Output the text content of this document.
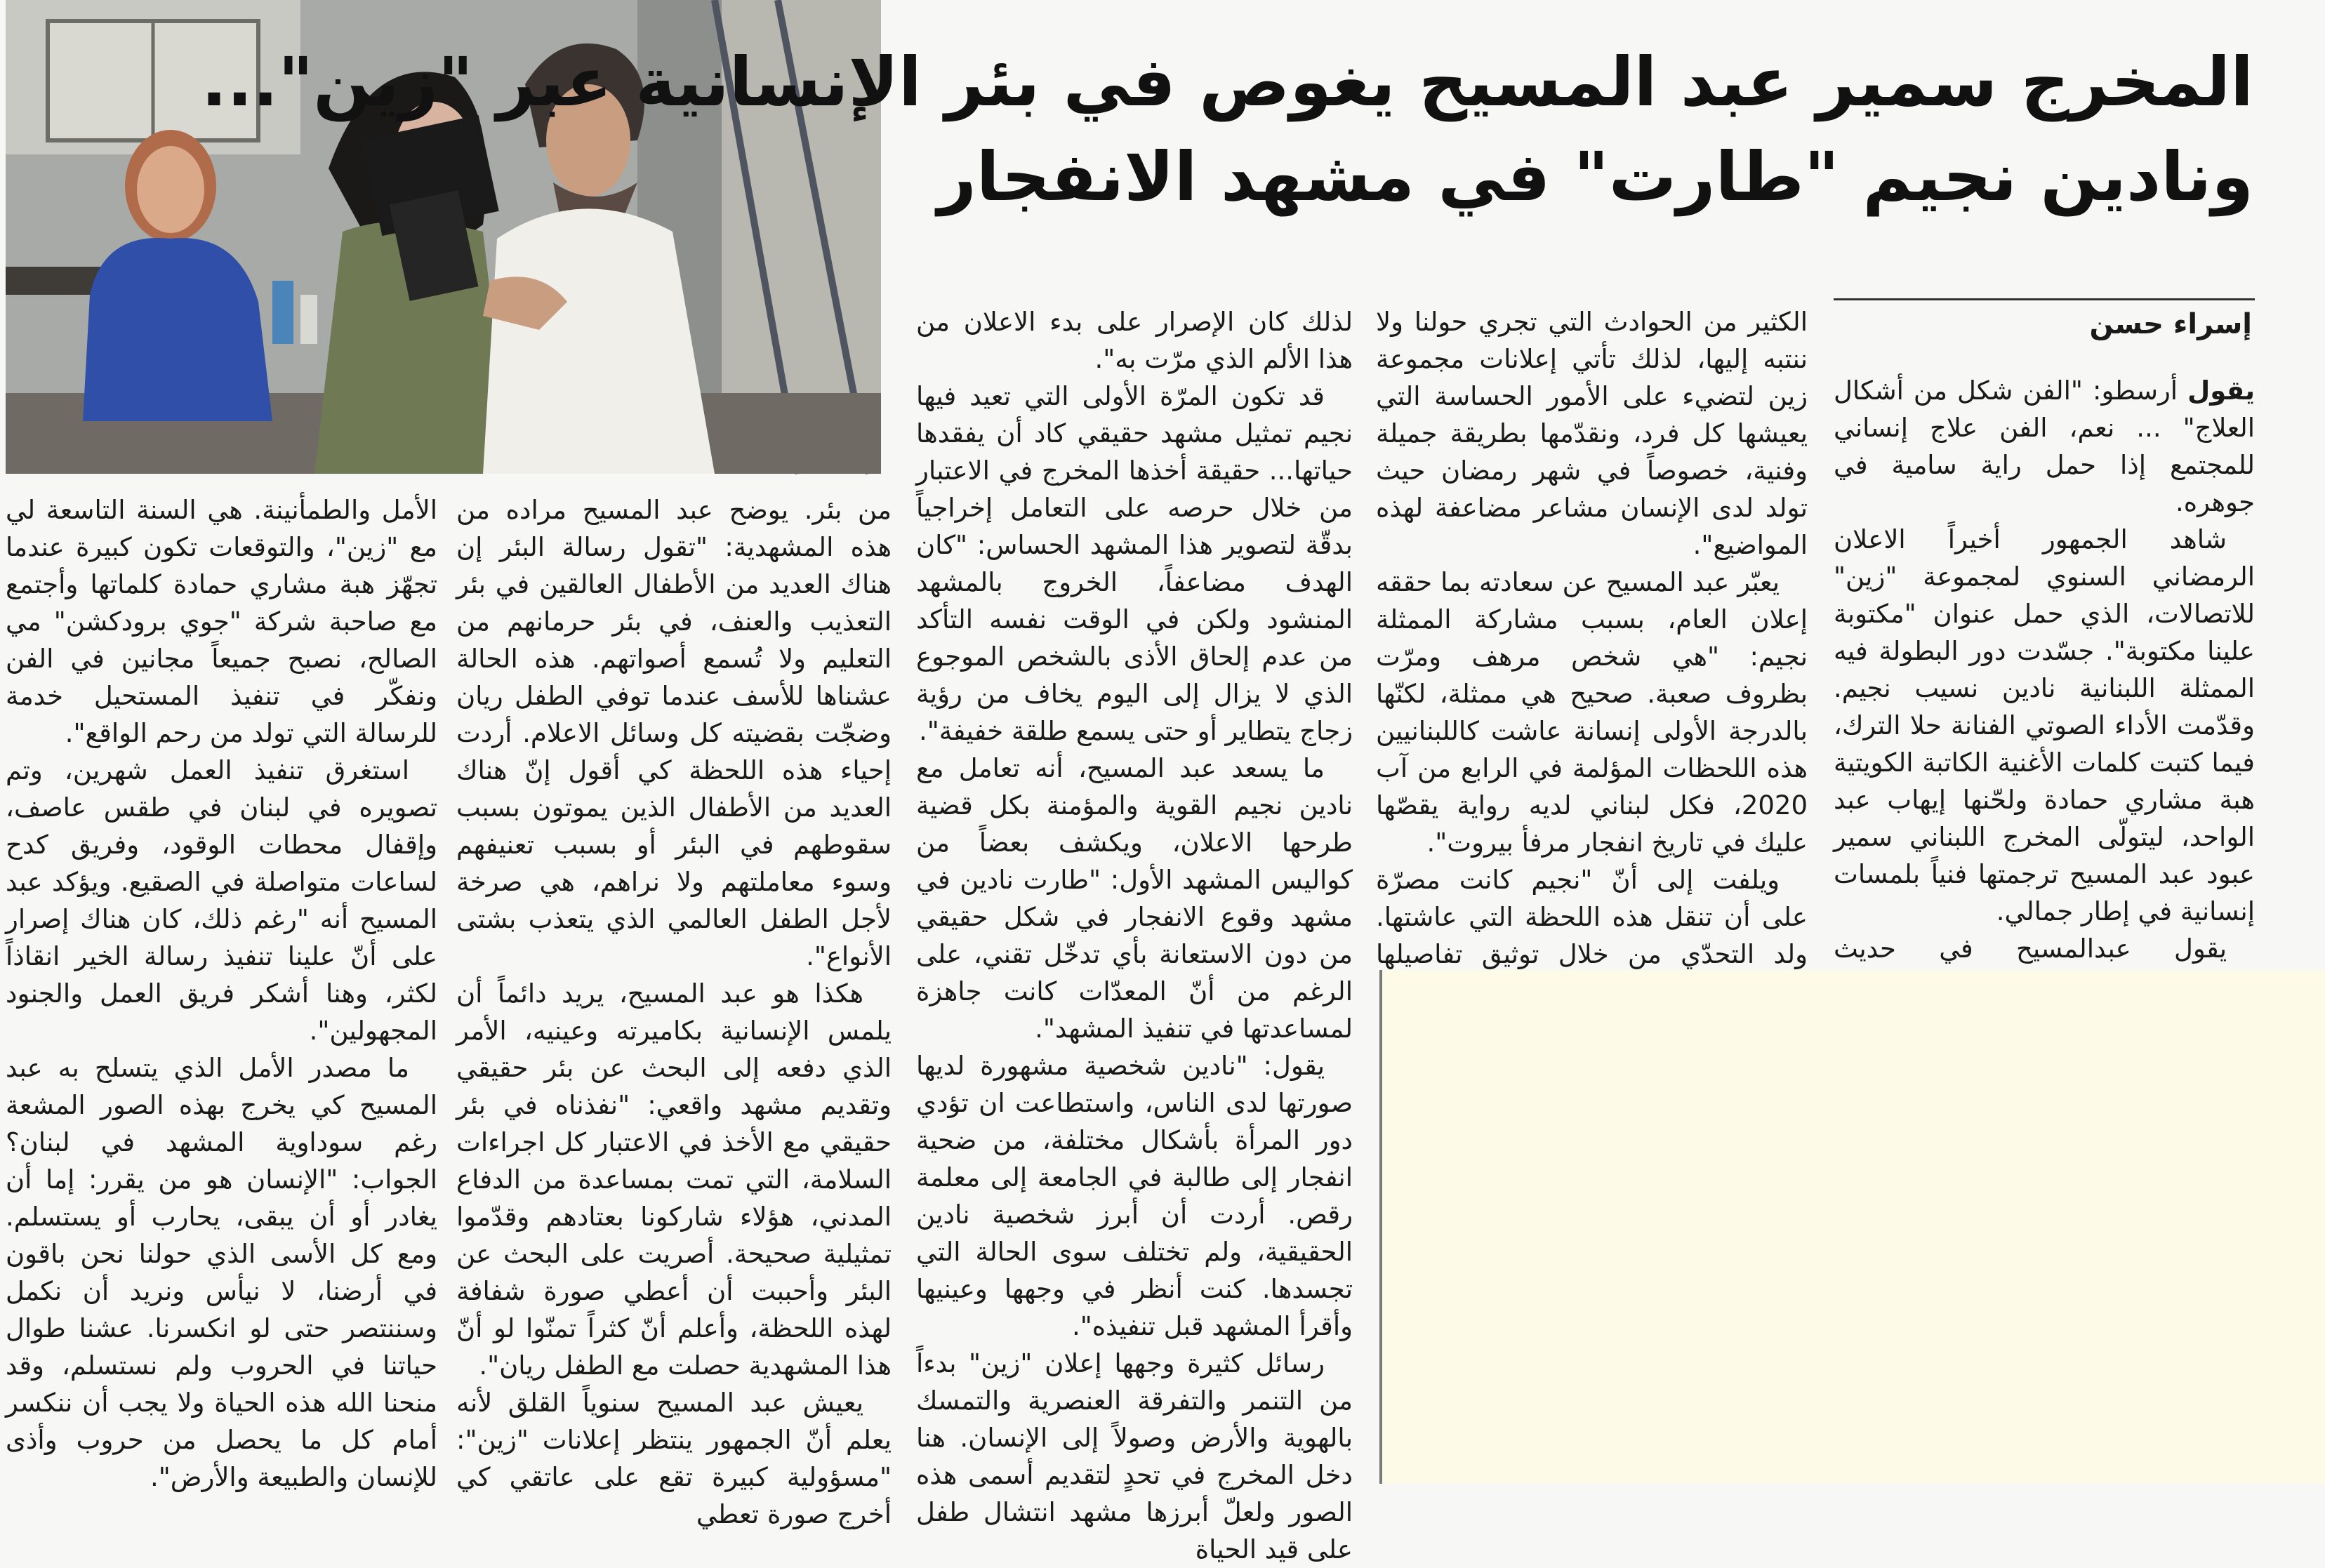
المخرج سمير عبد المسيح يغوص في بئر الإنسانية عبر "زين"...
ونادين نجيم "طارت" في مشهد الانفجار
إسراء حسن

يقول أرسطو: "الفن شكل من أشكال العلاج" ... نعم، الفن علاج إنساني للمجتمع إذا حمل راية سامية في جوهره.

شاهد الجمهور أخيراً الاعلان الرمضاني السنوي لمجموعة "زين" للاتصالات، الذي حمل عنوان "مكتوبة علينا مكتوبة". جسّدت دور البطولة فيه الممثلة اللبنانية نادين نسيب نجيم. وقدّمت الأداء الصوتي الفنانة حلا الترك، فيما كتبت كلمات الأغنية الكاتبة الكويتية هبة مشاري حمادة ولحّنها إيهاب عبد الواحد، ليتولّى المخرج اللبناني سمير عبود عبد المسيح ترجمتها فنياً بلمسات إنسانية في إطار جمالي.

يقول عبدالمسيح في حديث

الكثير من الحوادث التي تجري حولنا ولا ننتبه إليها، لذلك تأتي إعلانات مجموعة زين لتضيء على الأمور الحساسة التي يعيشها كل فرد، ونقدّمها بطريقة جميلة وفنية، خصوصاً في شهر رمضان حيث تولد لدى الإنسان مشاعر مضاعفة لهذه المواضيع".

يعبّر عبد المسيح عن سعادته بما حققه إعلان العام، بسبب مشاركة الممثلة نجيم: "هي شخص مرهف ومرّت بظروف صعبة. صحيح هي ممثلة، لكنّها بالدرجة الأولى إنسانة عاشت كاللبنانيين هذه اللحظات المؤلمة في الرابع من آب 2020، فكل لبناني لديه رواية يقصّها عليك في تاريخ انفجار مرفأ بيروت".

ويلفت إلى أنّ "نجيم كانت مصرّة على أن تنقل هذه اللحظة التي عاشتها. ولد التحدّي من خلال توثيق تفاصيلها

لذلك كان الإصرار على بدء الاعلان من هذا الألم الذي مرّت به".

قد تكون المرّة الأولى التي تعيد فيها نجيم تمثيل مشهد حقيقي كاد أن يفقدها حياتها... حقيقة أخذها المخرج في الاعتبار من خلال حرصه على التعامل إخراجياً بدقّة لتصوير هذا المشهد الحساس: "كان الهدف مضاعفاً، الخروج بالمشهد المنشود ولكن في الوقت نفسه التأكد من عدم إلحاق الأذى بالشخص الموجوع الذي لا يزال إلى اليوم يخاف من رؤية زجاج يتطاير أو حتى يسمع طلقة خفيفة".

ما يسعد عبد المسيح، أنه تعامل مع نادين نجيم القوية والمؤمنة بكل قضية طرحها الاعلان، ويكشف بعضاً من كواليس المشهد الأول: "طارت نادين في مشهد وقوع الانفجار في شكل حقيقي من دون الاستعانة بأي تدخّل تقني، على الرغم من أنّ المعدّات كانت جاهزة لمساعدتها في تنفيذ المشهد".

يقول: "نادين شخصية مشهورة لديها صورتها لدى الناس، واستطاعت ان تؤدي دور المرأة بأشكال مختلفة، من ضحية انفجار إلى طالبة في الجامعة إلى معلمة رقص. أردت أن أبرز شخصية نادين الحقيقية، ولم تختلف سوى الحالة التي تجسدها. كنت أنظر في وجهها وعينيها وأقرأ المشهد قبل تنفيذه".

رسائل كثيرة وجهها إعلان "زين" بدءاً من التنمر والتفرقة العنصرية والتمسك بالهوية والأرض وصولاً إلى الإنسان. هنا دخل المخرج في تحدٍ لتقديم أسمى هذه الصور ولعلّ أبرزها مشهد انتشال طفل على قيد الحياة

من بئر. يوضح عبد المسيح مراده من هذه المشهدية: "تقول رسالة البئر إن هناك العديد من الأطفال العالقين في بئر التعذيب والعنف، في بئر حرمانهم من التعليم ولا تُسمع أصواتهم. هذه الحالة عشناها للأسف عندما توفي الطفل ريان وضجّت بقضيته كل وسائل الاعلام. أردت إحياء هذه اللحظة كي أقول إنّ هناك العديد من الأطفال الذين يموتون بسبب سقوطهم في البئر أو بسبب تعنيفهم وسوء معاملتهم ولا نراهم، هي صرخة لأجل الطفل العالمي الذي يتعذب بشتى الأنواع".

هكذا هو عبد المسيح، يريد دائماً أن يلمس الإنسانية بكاميرته وعينيه، الأمر الذي دفعه إلى البحث عن بئر حقيقي وتقديم مشهد واقعي: "نفذناه في بئر حقيقي مع الأخذ في الاعتبار كل اجراءات السلامة، التي تمت بمساعدة من الدفاع المدني، هؤلاء شاركونا بعتادهم وقدّموا تمثيلية صحيحة. أصريت على البحث عن البئر وأحببت أن أعطي صورة شفافة لهذه اللحظة، وأعلم أنّ كثراً تمنّوا لو أنّ هذا المشهدية حصلت مع الطفل ريان".

يعيش عبد المسيح سنوياً القلق لأنه يعلم أنّ الجمهور ينتظر إعلانات "زين": "مسؤولية كبيرة تقع على عاتقي كي أخرج صورة تعطي

الأمل والطمأنينة. هي السنة التاسعة لي مع "زين"، والتوقعات تكون كبيرة عندما تجهّز هبة مشاري حمادة كلماتها وأجتمع مع صاحبة شركة "جوي برودكشن" مي الصالح، نصبح جميعاً مجانين في الفن ونفكّر في تنفيذ المستحيل خدمة للرسالة التي تولد من رحم الواقع".

استغرق تنفيذ العمل شهرين، وتم تصويره في لبنان في طقس عاصف، وإقفال محطات الوقود، وفريق كدح لساعات متواصلة في الصقيع. ويؤكد عبد المسيح أنه "رغم ذلك، كان هناك إصرار على أنّ علينا تنفيذ رسالة الخير انقاذاً لكثر، وهنا أشكر فريق العمل والجنود المجهولين".

ما مصدر الأمل الذي يتسلح به عبد المسيح كي يخرج بهذه الصور المشعة رغم سوداوية المشهد في لبنان؟ الجواب: "الإنسان هو من يقرر: إما أن يغادر أو أن يبقى، يحارب أو يستسلم. ومع كل الأسى الذي حولنا نحن باقون في أرضنا، لا نيأس ونريد أن نكمل وسننتصر حتى لو انكسرنا. عشنا طوال حياتنا في الحروب ولم نستسلم، وقد منحنا الله هذه الحياة ولا يجب أن ننكسر أمام كل ما يحصل من حروب وأذى للإنسان والطبيعة والأرض".
